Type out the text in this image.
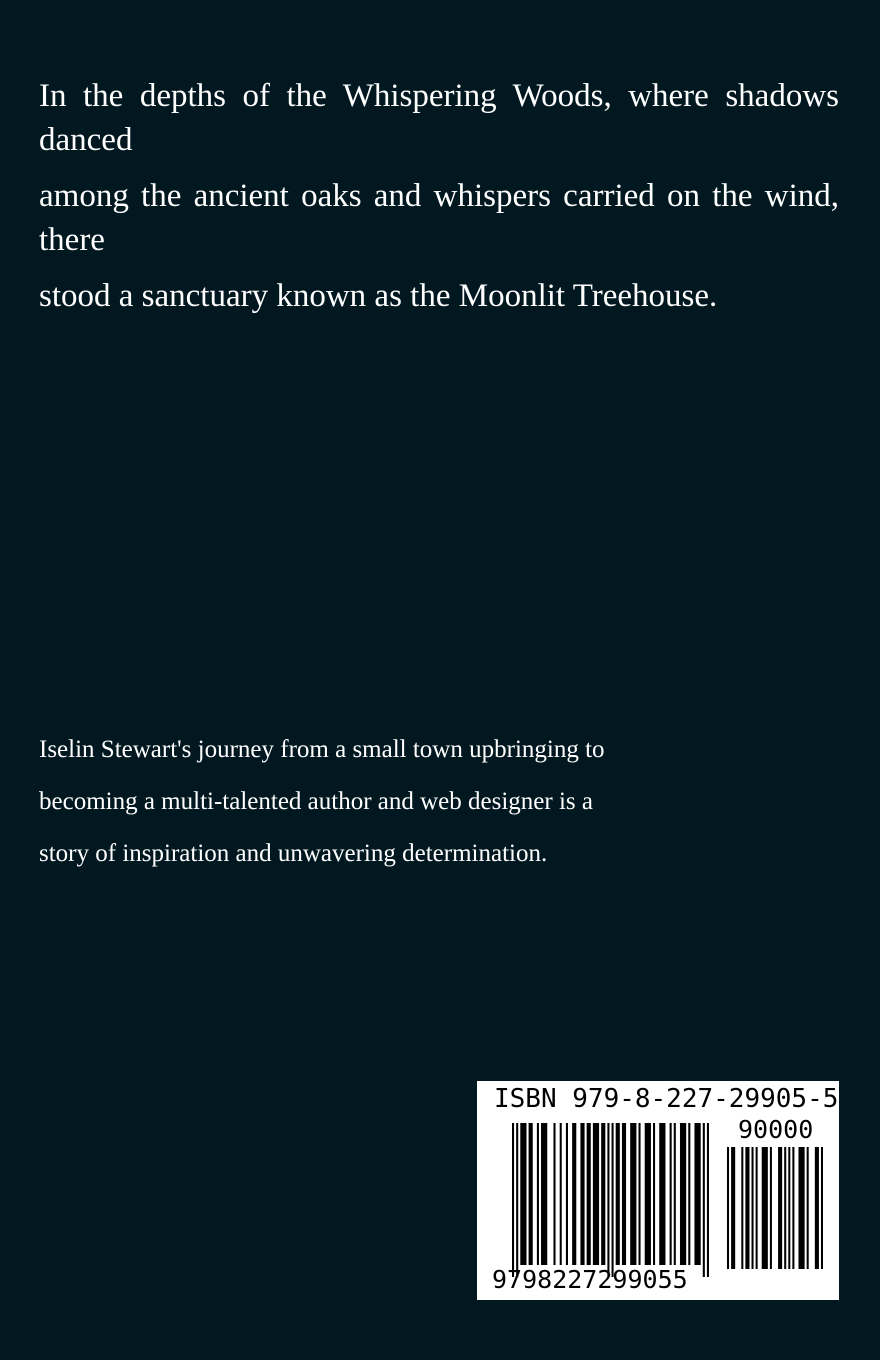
In the depths of the Whispering Woods, where shadows danced

among the ancient oaks and whispers carried on the wind, there

stood a sanctuary known as the Moonlit Treehouse.

Iselin Stewart's journey from a small town upbringing to

becoming a multi-talented author and web designer is a

story of inspiration and unwavering determination.

ISBN 979-8-227-29905-5
90000
9798227299055
